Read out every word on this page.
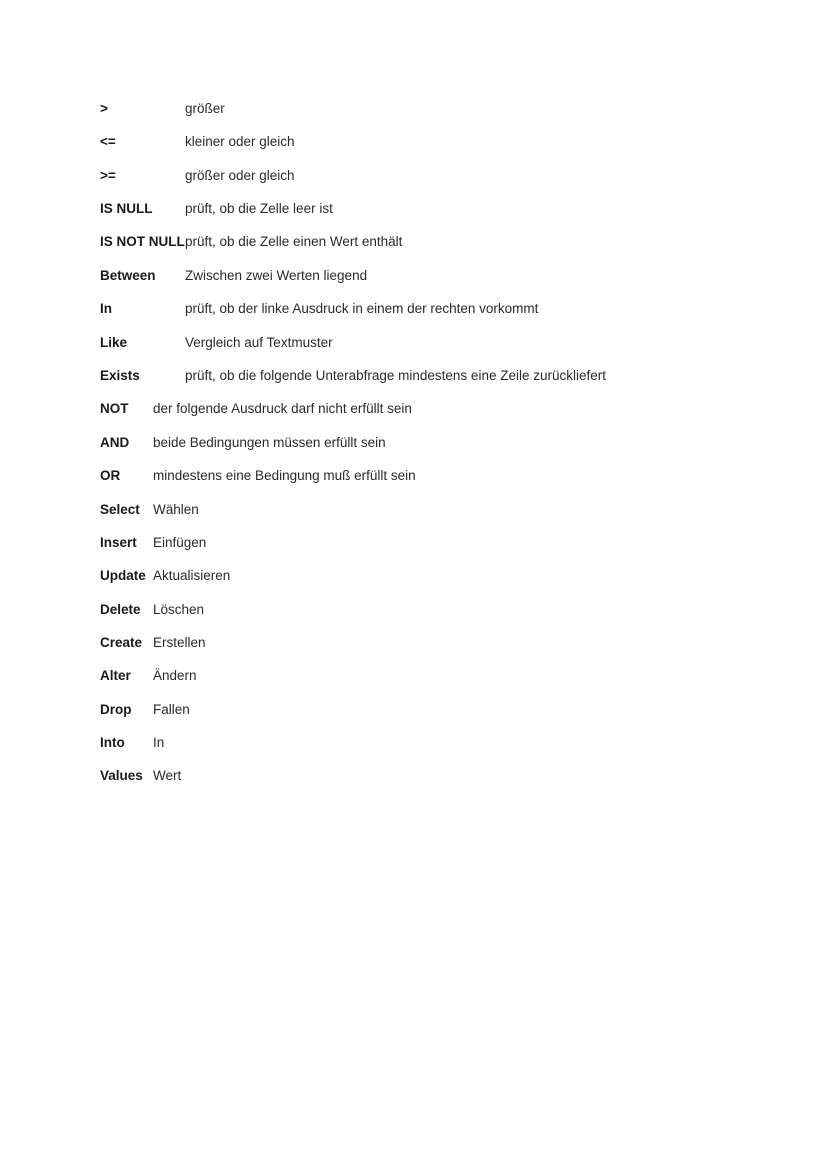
>	größer
<=	kleiner oder gleich
>=	größer oder gleich
IS NULL prüft, ob die Zelle leer ist
IS NOT NULL prüft, ob die Zelle einen Wert enthält
Between Zwischen zwei Werten liegend
In	prüft, ob der linke Ausdruck in einem der rechten vorkommt
Like	Vergleich auf Textmuster
Exists	prüft, ob die folgende Unterabfrage mindestens eine Zeile zurückliefert
NOT der folgende Ausdruck darf nicht erfüllt sein
AND beide Bedingungen müssen erfüllt sein
OR mindestens eine Bedingung muß erfüllt sein
Select Wählen
Insert Einfügen
Update Aktualisieren
Delete Löschen
Create Erstellen
Alter Ändern
Drop Fallen
Into In
Values Wert
